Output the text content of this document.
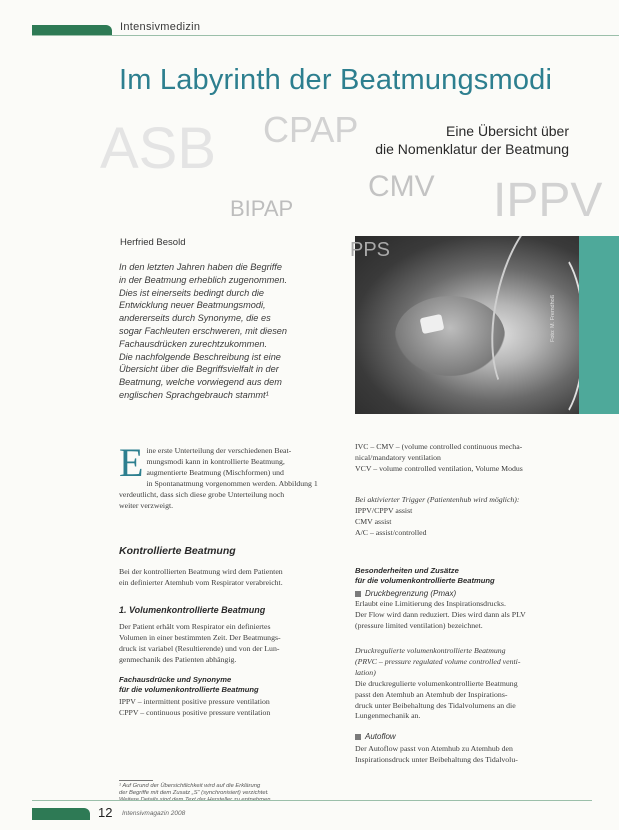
Intensivmedizin
ASB CPAP
CMV
BIPAP
Foto: M. Fremdhoß
IPPV
PPS
Im Labyrinth der Beatmungsmodi
Eine Übersicht über
die Nomenklatur der Beatmung
Herfried Besold
In den letzten Jahren haben die Begriffe
in der Beatmung erheblich zugenommen.
Dies ist einerseits bedingt durch die
Entwicklung neuer Beatmungsmodi,
andererseits durch Synonyme, die es
sogar Fachleuten erschweren, mit diesen
Fachausdrücken zurechtzukommen.
Die nachfolgende Beschreibung ist eine
Übersicht über die Begriffsvielfalt in der
Beatmung, welche vorwiegend aus dem
englischen Sprachgebrauch stammt¹
E ine erste Unterteilung der verschiedenen Beat-
mungsmodi kann in kontrollierte Beatmung,
augmentierte Beatmung (Mischformen) und
in Spontanatmung vorgenommen werden. Abbildung 1
verdeutlicht, dass sich diese grobe Unterteilung noch
weiter verzweigt.
Kontrollierte Beatmung
Bei der kontrollierten Beatmung wird dem Patienten
ein definierter Atemhub vom Respirator verabreicht.
1. Volumenkontrollierte Beatmung
Der Patient erhält vom Respirator ein definiertes
Volumen in einer bestimmten Zeit. Der Beatmungs-
druck ist variabel (Resultierende) und von der Lun-
genmechanik des Patienten abhängig.
Fachausdrücke und Synonyme
für die volumenkontrollierte Beatmung
IPPV – intermittent positive pressure ventilation
CPPV – continuous positive pressure ventilation
¹ Auf Grund der Übersichtlichkeit wird auf die Erklärung
der Begriffe mit dem Zusatz „S“ (synchronisiert) verzichtet.

IVC – CMV – (volume controlled continuous mecha-
nical/mandatory ventilation
VCV – volume controlled ventilation, Volume Modus
Bei aktivierter Trigger (Patientenhub wird möglich):
IPPV/CPPV assist
CMV assist
A/C – assist/controlled
Besonderheiten und Zusätze
für die volumenkontrollierte Beatmung
Druckbegrenzung (Pmax)
Erlaubt eine Limitierung des Inspirationsdrucks.
Der Flow wird dann reduziert. Dies wird dann als PLV
(pressure limited ventilation) bezeichnet.
Druckregulierte volumenkontrollierte Beatmung
(PRVC – pressure regulated volume controlled venti-
lation)
Die druckregulierte volumenkontrollierte Beatmung
passt den Atemhub an Atemhub der Inspirations-
druck unter Beibehaltung des Tidalvolumens an die
Lungenmechanik an.
Autoflow
Der Autoflow passt von Atemhub zu Atemhub den
Inspirationsdruck unter Beibehaltung des Tidalvolu-
12 Intensivmagazin 2008
